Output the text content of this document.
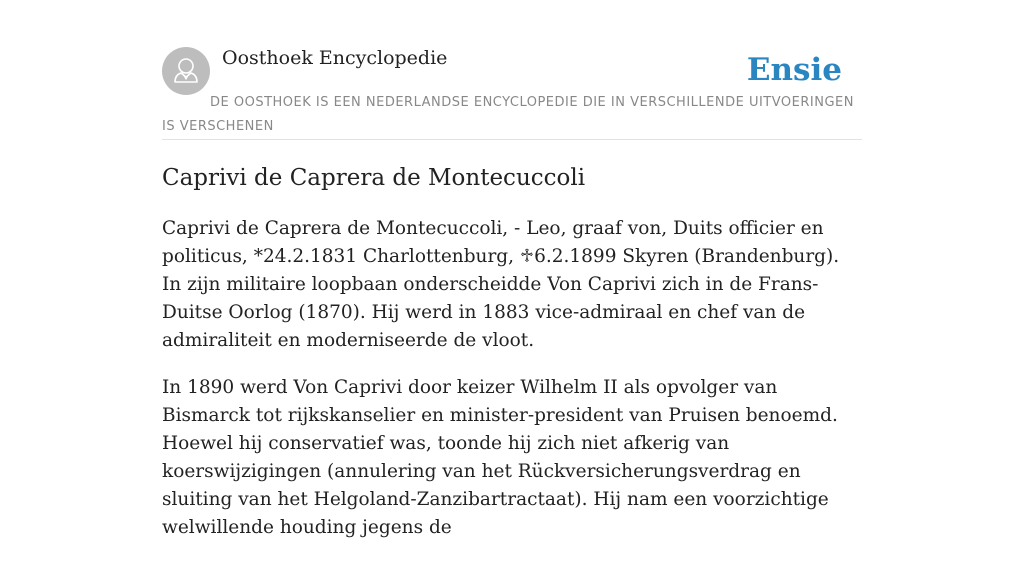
Oosthoek Encyclopedie	Ensie
DE OOSTHOEK IS EEN NEDERLANDSE ENCYCLOPEDIE DIE IN VERSCHILLENDE UITVOERINGEN IS VERSCHENEN
Caprivi de Caprera de Montecuccoli

Caprivi de Caprera de Montecuccoli, - Leo, graaf von, Duits officier en politicus, *24.2.1831 Charlottenburg, ♱6.2.1899 Skyren (Brandenburg). In zijn militaire loopbaan onderscheidde Von Caprivi zich in de Frans-Duitse Oorlog (1870). Hij werd in 1883 vice-admiraal en chef van de admiraliteit en moderniseerde de vloot.

In 1890 werd Von Caprivi door keizer Wilhelm II als opvolger van Bismarck tot rijkskanselier en minister-president van Pruisen benoemd. Hoewel hij conservatief was, toonde hij zich niet afkerig van koerswijzigingen (annulering van het Rückversicherungsverdrag en sluiting van het Helgoland-Zanzibartractaat). Hij nam een voorzichtige welwillende houding jegens de
